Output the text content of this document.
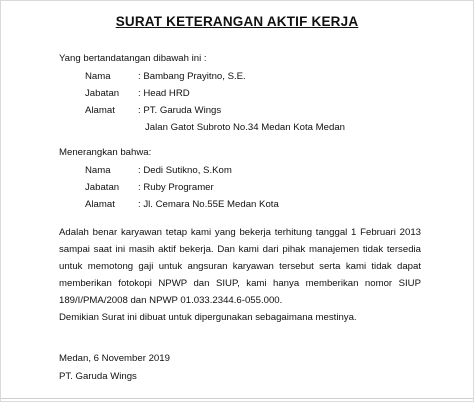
SURAT KETERANGAN AKTIF KERJA
Yang bertandatangan dibawah ini :
Nama	: Bambang Prayitno, S.E.
Jabatan : Head HRD
Alamat : PT. Garuda Wings
Jalan Gatot Subroto No.34 Medan Kota Medan
Menerangkan bahwa:
Nama	: Dedi Sutikno, S.Kom
Jabatan : Ruby Programer
Alamat : Jl. Cemara No.55E Medan Kota
Adalah benar karyawan tetap kami yang bekerja terhitung tanggal 1 Februari 2013 sampai saat ini masih aktif bekerja. Dan kami dari pihak manajemen tidak tersedia untuk memotong gaji untuk angsuran karyawan tersebut serta kami tidak dapat memberikan fotokopi NPWP dan SIUP, kami hanya memberikan nomor SIUP 189/I/PMA/2008 dan NPWP 01.033.2344.6-055.000.
Demikian Surat ini dibuat untuk dipergunakan sebagaimana mestinya.
Medan, 6 November 2019
PT. Garuda Wings
